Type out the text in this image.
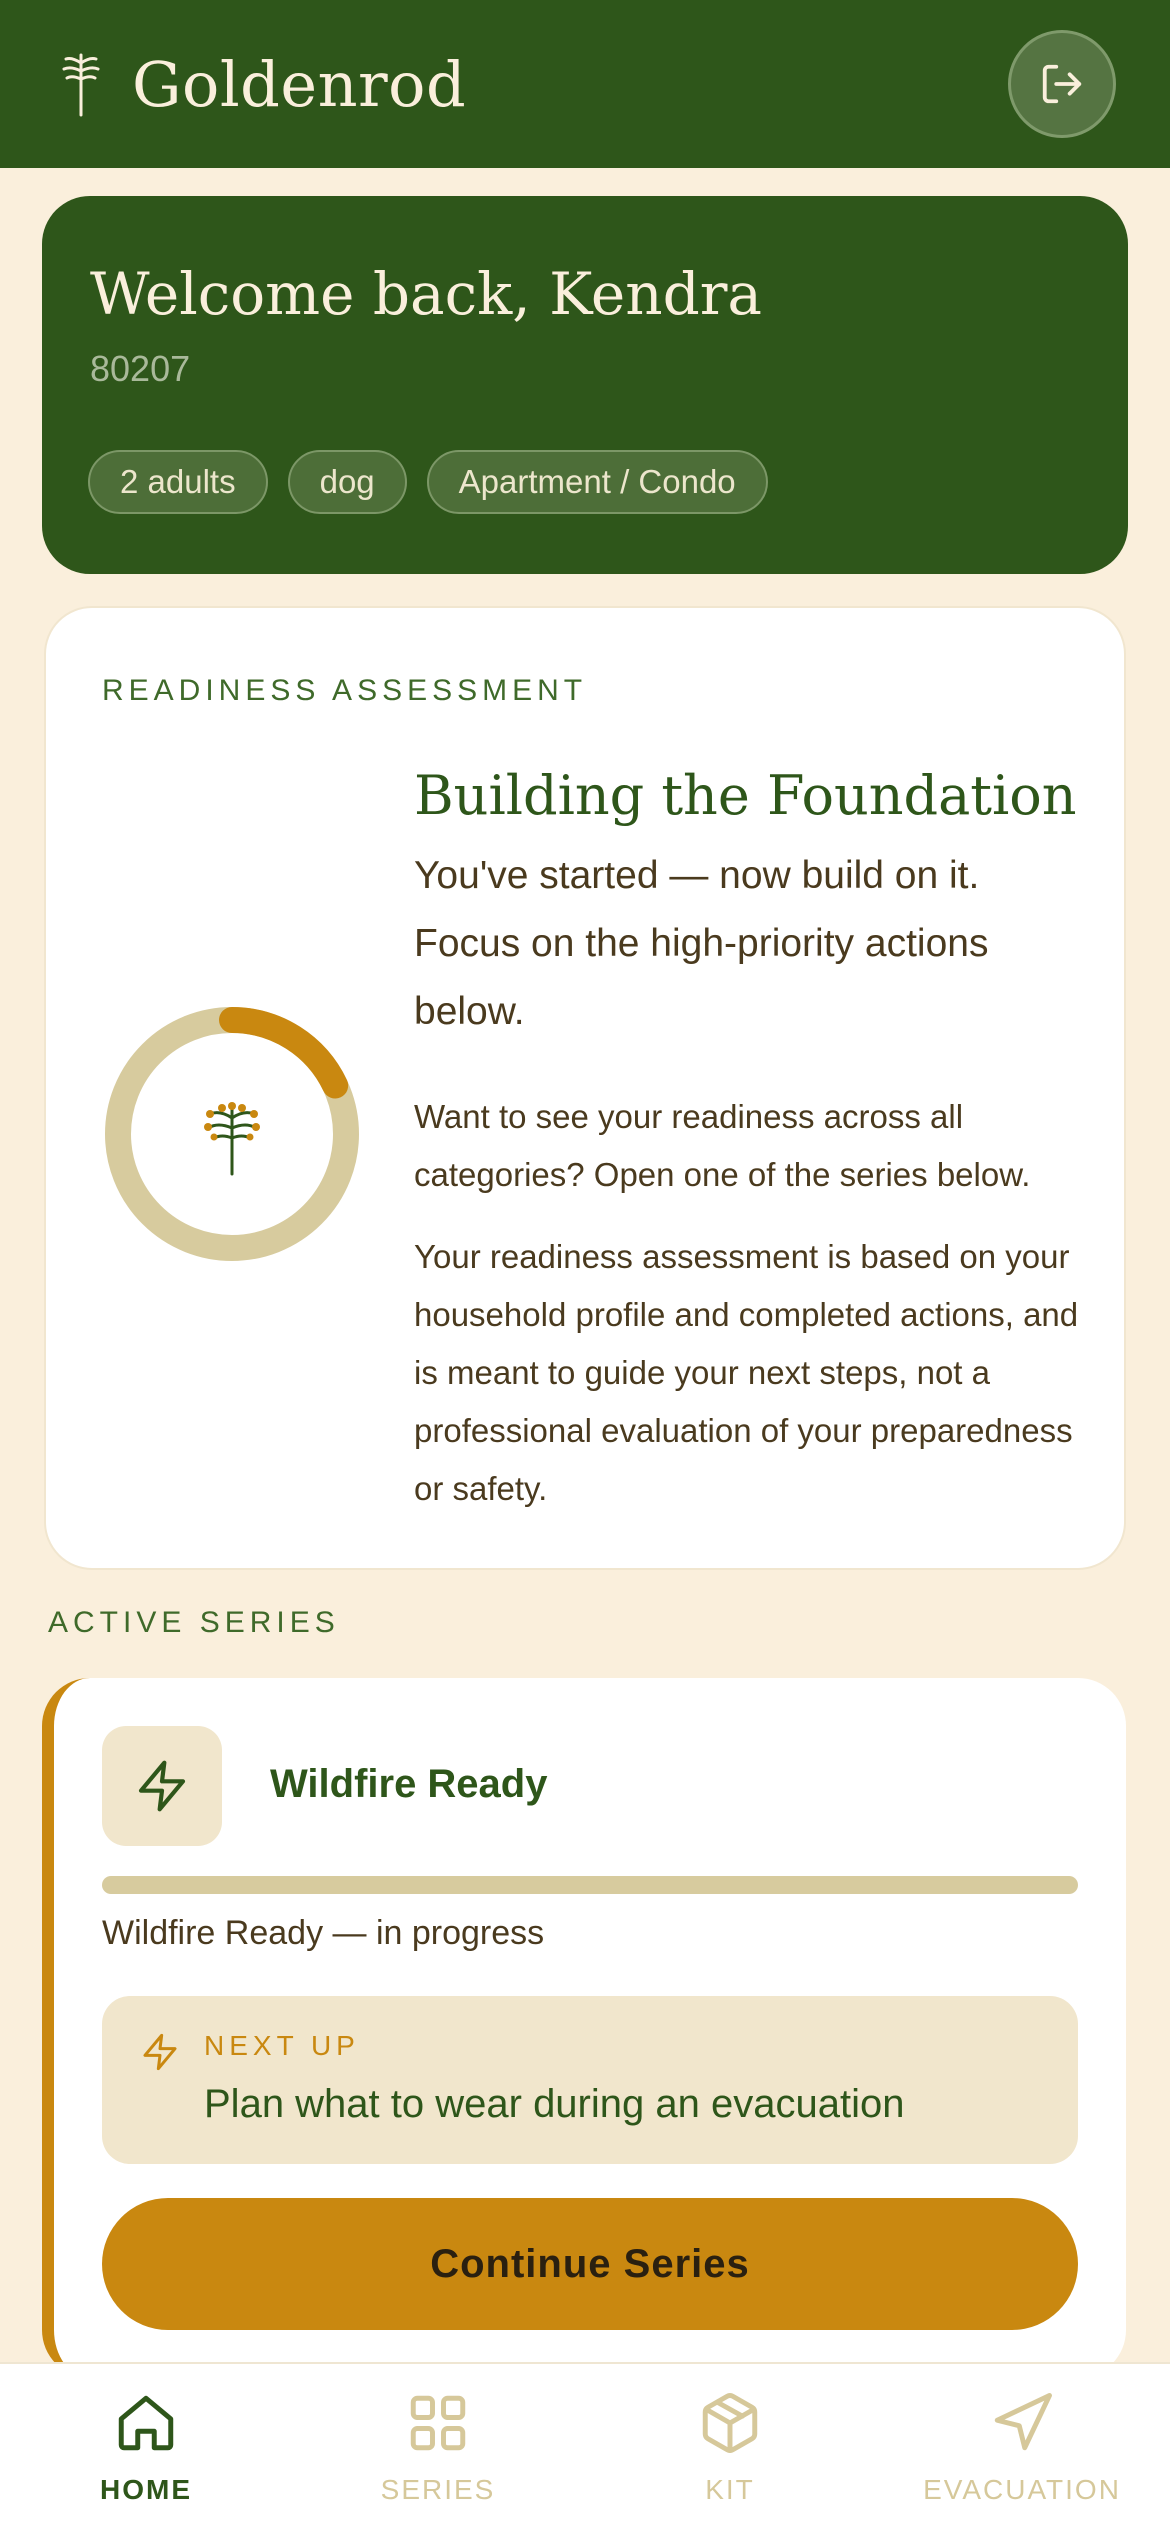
Goldenrod
Welcome back, Kendra
80207
2 adults	dog	Apartment / Condo
READINESS ASSESSMENT
Building the Foundation
You've started — now build on it. Focus on the high-priority actions below.
Want to see your readiness across all categories? Open one of the series below.
Your readiness assessment is based on your household profile and completed actions, and is meant to guide your next steps, not a professional evaluation of your preparedness or safety.
ACTIVE SERIES
Wildfire Ready
Wildfire Ready — in progress
NEXT UP
Plan what to wear during an evacuation
Continue Series
HOME	SERIES	KIT	EVACUATION
